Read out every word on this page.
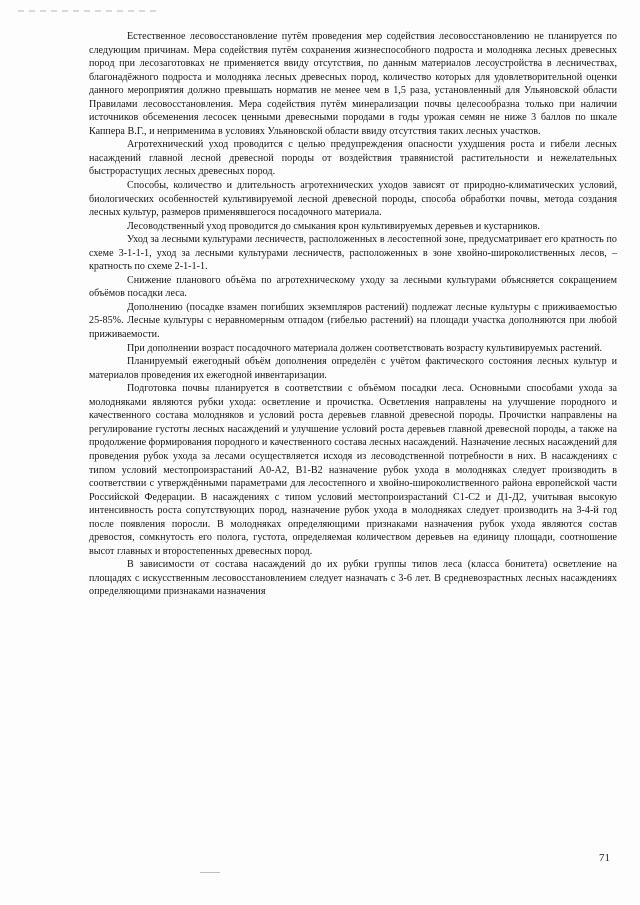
Естественное лесовосстановление путём проведения мер содействия лесовосстановлению не планируется по следующим причинам. Мера содействия путём сохранения жизнеспособного подроста и молодняка лесных древесных пород при лесозаготовках не применяется ввиду отсутствия, по данным материалов лесоустройства в лесничествах, благонадёжного подроста и молодняка лесных древесных пород, количество которых для удовлетворительной оценки данного мероприятия должно превышать норматив не менее чем в 1,5 раза, установленный для Ульяновской области Правилами лесовосстановления. Мера содействия путём минерализации почвы целесообразна только при наличии источников обсеменения лесосек ценными древесными породами в годы урожая семян не ниже 3 баллов по шкале Каппера В.Г., и неприменима в условиях Ульяновской области ввиду отсутствия таких лесных участков.

Агротехнический уход проводится с целью предупреждения опасности ухудшения роста и гибели лесных насаждений главной лесной древесной породы от воздействия травянистой растительности и нежелательных быстрорастущих лесных древесных пород.

Способы, количество и длительность агротехнических уходов зависят от природно-климатических условий, биологических особенностей культивируемой лесной древесной породы, способа обработки почвы, метода создания лесных культур, размеров применявшегося посадочного материала.

Лесоводственный уход проводится до смыкания крон культивируемых деревьев и кустарников.

Уход за лесными культурами лесничеств, расположенных в лесостепной зоне, предусматривает его кратность по схеме 3-1-1-1, уход за лесными культурами лесничеств, расположенных в зоне хвойно-широколиственных лесов, – кратность по схеме 2-1-1-1.

Снижение планового объёма по агротехническому уходу за лесными культурами объясняется сокращением объёмов посадки леса.

Дополнению (посадке взамен погибших экземпляров растений) подлежат лесные культуры с приживаемостью 25-85%. Лесные культуры с неравномерным отпадом (гибелью растений) на площади участка дополняются при любой приживаемости.

При дополнении возраст посадочного материала должен соответствовать возрасту культивируемых растений.

Планируемый ежегодный объём дополнения определён с учётом фактического состояния лесных культур и материалов проведения их ежегодной инвентаризации.

Подготовка почвы планируется в соответствии с объёмом посадки леса. Основными способами ухода за молодняками являются рубки ухода: осветление и прочистка. Осветления направлены на улучшение породного и качественного состава молодняков и условий роста деревьев главной древесной породы. Прочистки направлены на регулирование густоты лесных насаждений и улучшение условий роста деревьев главной древесной породы, а также на продолжение формирования породного и качественного состава лесных насаждений. Назначение лесных насаждений для проведения рубок ухода за лесами осуществляется исходя из лесоводственной потребности в них. В насаждениях с типом условий местопроизрастаний А0-А2, В1-В2 назначение рубок ухода в молодняках следует производить в соответствии с утверждёнными параметрами для лесостепного и хвойно-широколиственного района европейской части Российской Федерации. В насаждениях с типом условий местопроизрастаний С1-С2 и Д1-Д2, учитывая высокую интенсивность роста сопутствующих пород, назначение рубок ухода в молодняках следует производить на 3-4-й год после появления поросли. В молодняках определяющими признаками назначения рубок ухода являются состав древостоя, сомкнутость его полога, густота, определяемая количеством деревьев на единицу площади, соотношение высот главных и второстепенных древесных пород.

В зависимости от состава насаждений до их рубки группы типов леса (класса бонитета) осветление на площадях с искусственным лесовосстановлением следует назначать с 3-6 лет. В средневозрастных лесных насаждениях определяющими признаками назначения

71
